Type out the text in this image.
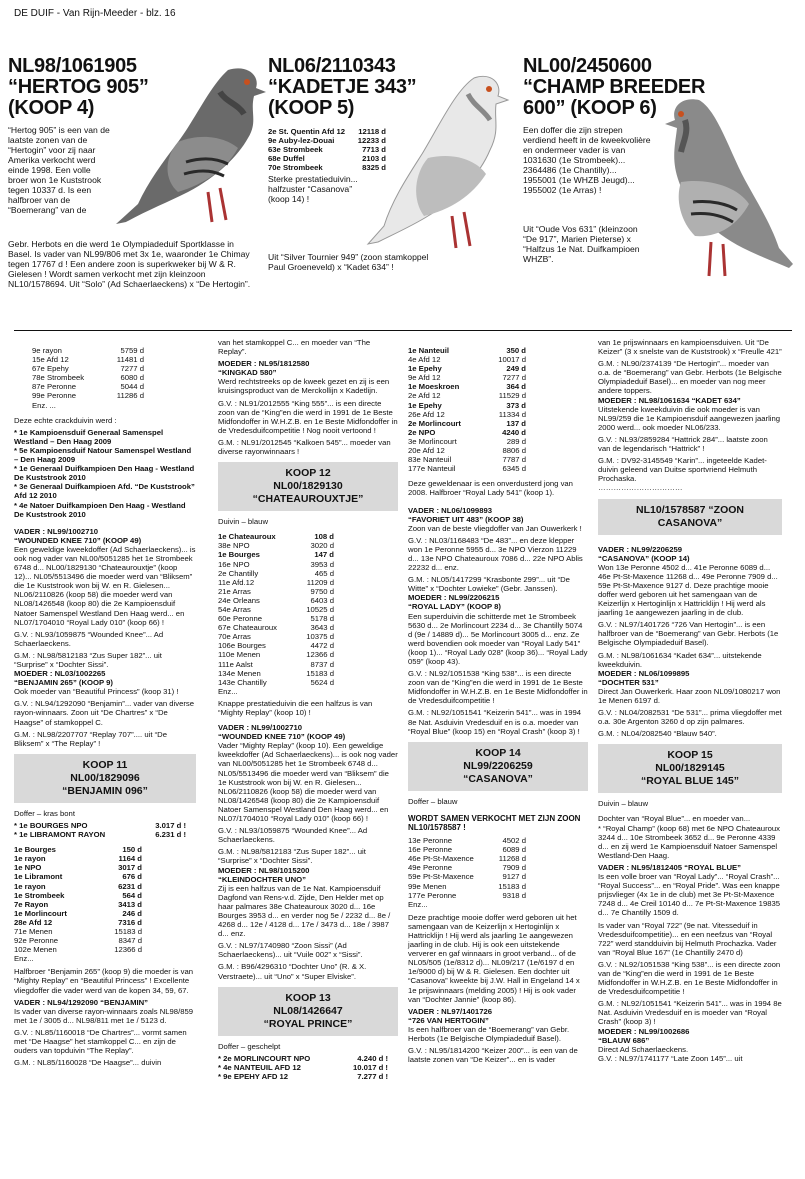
DE DUIF - Van Rijn-Meeder - blz. 16
NL98/1061905
“HERTOG 905”
(KOOP 4)
“Hertog 905” is een van de laatste zonen van de “Hertogin” voor zij naar Amerika verkocht werd einde 1998. Een volle broer won 1e Kuststrook tegen 10337 d. Is een halfbroer van de “Boemerang” van de
Gebr. Herbots en die werd 1e Olympiadeduif Sportklasse in Basel. Is vader van NL99/806 met 3x 1e, waaronder 1e Chimay tegen 17767 d ! Een andere zoon is superkweker bij W & R. Gielesen ! Wordt samen verkocht met zijn kleinzoon NL10/1578694. Uit “Solo” (Ad Schaerlaeckens) x “De Hertogin”.
NL06/2110343
“KADETJE 343”
(KOOP 5)
2e St. Quentin Afd 12	12118 d
9e Auby-lez-Douai	12233 d
63e Strombeek	7713 d
68e Duffel	2103 d
70e Strombeek	8325 d
Sterke prestatieduivin... halfzuster “Casanova” (koop 14) !
Uit “Silver Tournier 949” (zoon stamkoppel Paul Groeneveld) x “Kadet 634” !
NL00/2450600
“CHAMP BREEDER
600” (KOOP 6)
Een doffer die zijn strepen verdiend heeft in de kweekvolière en ondermeer vader is van 1031630 (1e Strombeek)... 2364486 (1e Chantilly)... 1955001 (1e WHZB Jeugd)... 1955002 (1e Arras) !
Uit “Oude Vos 631” (kleinzoon “De 917”, Marien Pieterse) x “Halfzus 1e Nat. Duifkampioen WHZB”.
9e rayon	5759 d
15e Afd 12	11481 d
67e Epehy	7277 d
78e Strombeek	6080 d
87e Peronne	5044 d
99e Peronne	11286 d
Enz. ...	

Deze echte crackduivin werd :

* 1e Kampioensduif Generaal Samenspel Westland – Den Haag 2009
* 5e Kampioensduif Natour Samenspel Westland – Den Haag 2009
* 1e Generaal Duifkampioen Den Haag - Westland De Kuststrook 2010
* 3e Generaal Duifkampioen Afd. “De Kuststrook” Afd 12 2010
* 4e Natoer Duifkampioen Den Haag - Westland De Kuststrook 2010
VADER : NL99/1002710
“WOUNDED KNEE 710” (KOOP 49)

Een geweldige kweekdoffer (Ad Schaerlaeckens)... is ook nog vader van NL00/5051285 het 1e Strombeek 6748 d... NL00/1829130 “Chateaurouxtje” (koop 12)... NL05/5513496 die moeder werd van “Bliksem” die 1e Kuststrook won bij W. en R. Gielesen... NL06/2110826 (koop 58) die moeder werd van NL08/1426548 (koop 80) die 2e Kampioensduif Natoer Samenspel Westland Den Haag werd... en NL07/1704010 “Royal Lady 010” (koop 66) !

G.V. : NL93/1059875 “Wounded Knee”... Ad Schaerlaeckens.

G.M. : NL98/5812183 “Zus Super 182”... uit “Surprise” x “Dochter Sissi”.

MOEDER : NL03/1002265
“BENJAMIN 265” (KOOP 9)

Ook moeder van “Beautiful Princess” (koop 31) !

G.V. : NL94/1292090 “Benjamin”... vader van diverse rayon-winnaars. Zoon uit “De Chartres” x “De Haagse” of stamkoppel C.

G.M. : NL98/2207707 “Replay 707”.... uit “De Bliksem” x “The Replay” !

KOOP 11
NL00/1829096
“BENJAMIN 096”

Doffer – kras bont

* 1e BOURGES NPO	3.017 d !
* 1e LIBRAMONT RAYON	6.231 d !
1e Bourges	150 d
1e rayon	1164 d
1e NPO	3017 d
1e Libramont	676 d
1e rayon	6231 d
1e Strombeek	564 d
7e Rayon	3413 d
1e Morlincourt	246 d
28e Afd 12	7316 d
71e Menen	15183 d
92e Peronne	8347 d
102e Menen	12366 d
Enz...	

Halfbroer “Benjamin 265” (koop 9) die moeder is van “Mighty Replay” en “Beautiful Princess” ! Excellente vliegdoffer die vader werd van de kopen 34, 59, 67.

VADER : NL94/1292090 “BENJAMIN”

Is vader van diverse rayon-winnaars zoals NL98/859 met 1e / 3005 d... NL98/811 met 1e / 5123 d.

G.V. : NL85/1160018 “De Chartres”... vormt samen met “De Haagse” het stamkoppel C... en zijn de ouders van topduivin “The Replay”.

G.M. : NL85/1160028 “De Haagse”... duivin

van het stamkoppel C... en moeder van “The Replay”.

MOEDER : NL95/1812580
“KINGKAD 580”

Werd rechtstreeks op de kweek gezet en zij is een kruisingsproduct van de Merckollijn x Kadetlijn.

G.V. : NL91/2012555 “King 555”... is een directe zoon van de “King”en die werd in 1991 de 1e Beste Midfondoffer in W.H.Z.B. en 1e Beste Midfondoffer in de Vredesduifcompetitie ! Nog nooit vertoond !

G.M. : NL91/2012545 “Kalkoen 545”... moeder van diverse rayonwinnaars !

KOOP 12
NL00/1829130
“CHATEAUROUXTJE”

Duivin – blauw

1e Chateauroux	108 d
38e NPO	3020 d
1e Bourges	147 d
16e NPO	3953 d
2e Chantilly	465 d
11e Afd.12	11209 d
21e Arras	9750 d
24e Orleans	6403 d
54e Arras	10525 d
60e Peronne	5178 d
67e Chateauroux	3643 d
70e Arras	10375 d
106e Bourges	4472 d
110e Menen	12366 d
111e Aalst	8737 d
134e Menen	15183 d
143e Chantilly	5624 d
Enz...	

Knappe prestatieduivin die een halfzus is van “Mighty Replay” (koop 10) !

VADER : NL99/1002710
“WOUNDED KNEE 710” (KOOP 49)

Vader “Mighty Replay” (koop 10). Een geweldige kweekdoffer (Ad Schaerlaeckens)... is ook nog vader van NL00/5051285 het 1e Strombeek 6748 d... NL05/5513496 die moeder werd van “Bliksem” die 1e Kuststrook won bij W. en R. Gielesen... NL06/2110826 (koop 58) die moeder werd van NL08/1426548 (koop 80) die 2e Kampioensduif Natoer Samenspel Westland Den Haag werd... en NL07/1704010 “Royal Lady 010” (koop 66) !

G.V. : NL93/1059875 “Wounded Knee”... Ad Schaerlaeckens.

G.M. : NL98/5812183 “Zus Super 182”... uit “Surprise” x “Dochter Sissi”.

MOEDER : NL98/1015200
“KLEINDOCHTER UNO”

Zij is een halfzus van de 1e Nat. Kampioensduif Dagfond van Rens-v.d. Zijde, Den Helder met op haar palmares 38e Chateauroux 3020 d... 16e Bourges 3953 d... en verder nog 5e / 2232 d... 8e / 4268 d... 12e / 4128 d... 17e / 3473 d... 18e / 3987 d... enz.

G.V. : NL97/1740980 “Zoon Sissi” (Ad Schaerlaeckens)... uit “Vuile 002” x “Sissi”.

G.M. : B96/4296310 “Dochter Uno” (R. & X. Verstraete)... uit “Uno” x “Super Elviske”.

KOOP 13
NL08/1426647
“ROYAL PRINCE”

Doffer – geschelpt

* 2e MORLINCOURT NPO	4.240 d !
* 4e NANTEUIL AFD 12	10.017 d !
* 9e EPEHY AFD 12	7.277 d !
1e Nanteuil	350 d
4e Afd 12	10017 d
1e Epehy	249 d
9e Afd 12	7277 d
1e Moeskroen	364 d
2e Afd 12	11529 d
1e Epehy	373 d
26e Afd 12	11334 d
2e Morlincourt	137 d
2e NPO	4240 d
3e Morlincourt	289 d
20e Afd 12	8806 d
83e Nanteuil	7787 d
177e Nanteuil	6345 d

Deze geweldenaar is een onverdusterd jong van 2008. Halfbroer “Royal Lady 541” (koop 1).

VADER : NL06/1099893
“FAVORIET UIT 483” (KOOP 38)

Zoon van de beste vliegdoffer van Jan Ouwerkerk !

G.V. : NL03/1168483 “De 483”... en deze klepper won 1e Peronne 5955 d... 3e NPO Vierzon 11229 d... 13e NPO Chateauroux 7086 d... 22e NPO Ablis 22232 d... enz.

G.M. : NL05/1417299 “Krasbonte 299”... uit “De Witte” x “Dochter Lowieke” (Gebr. Janssen).

MOEDER : NL99/2206215
“ROYAL LADY” (KOOP 8)

Een superduivin die schitterde met 1e Strombeek 5630 d... 2e Morlincourt 2234 d... 3e Chantilly 5074 d (9e / 14889 d)... 5e Morlincourt 3005 d... enz. Ze werd bovendien ook moeder van “Royal Lady 541” (koop 1)... “Royal Lady 028” (koop 36)... “Royal Lady 059” (koop 43).

G.V. : NL92/1051538 “King 538”... is een directe zoon van de “King”en die werd in 1991 de 1e Beste Midfondoffer in W.H.Z.B. en 1e Beste Midfondoffer in de Vredesduifcompetitie !

G.M. : NL92/1051541 “Keizerin 541”... was in 1994 8e Nat. Asduivin Vredesduif en is o.a. moeder van “Royal Blue” (koop 15) en “Royal Crash” (koop 3) !

KOOP 14
NL99/2206259
“CASANOVA”

Doffer – blauw

WORDT SAMEN VERKOCHT MET ZIJN ZOON NL10/1578587 !
13e Peronne	4502 d
16e Peronne	6089 d
46e Pt-St-Maxence	11268 d
49e Peronne	7909 d
59e Pt-St-Maxence	9127 d
99e Menen	15183 d
177e Peronne	9318 d
Enz...	

Deze prachtige mooie doffer werd geboren uit het samengaan van de Keizerlijn x Hertoginlijn x Hattricklijn ! Hij werd als jaarling 1e aangewezen jaarling in de club. Hij is ook een uitstekende ververer en gaf winnaars in groot verband... of de NL05/505 (1e/8312 d)... NL09/217 (1e/6197 d en 1e/9000 d) bij W & R. Gielesen. Een dochter uit “Casanova” kweekte bij J.W. Hall in Engeland 14 x 1e prijswinnaars (melding 2005) ! Hij is ook vader van “Dochter Jannie” (koop 86).

VADER : NL97/1401726
“726 VAN HERTOGIN”

Is een halfbroer van de “Boemerang” van Gebr. Herbots (1e Belgische Olympiadeduif Basel).

G.V. : NL95/1814200 “Keizer 200”... is een van de laatste zonen van “De Keizer”... en is vader

van 1e prijswinnaars en kampioensduiven. Uit “De Keizer” (3 x snelste van de Kuststrook) x “Freulle 421”

G.M. : NL90/2374139 “De Hertogin”... moeder van o.a. de “Boemerang” van Gebr. Herbots (1e Belgische Olympiadeduif Basel)... en moeder van nog meer andere toppers.

MOEDER : NL98/1061634 “KADET 634”

Uitstekende kweekduivin die ook moeder is van NL99/259 die 1e Kampioensduif aangewezen jaarling 2000 werd... ook moeder NL06/233.

G.V. : NL93/2859284 “Hattrick 284”... laatste zoon van de legendarisch “Hattrick” !

G.M. : DV92-3145549 “Karin”... ingeteelde Kadet-duivin geleend van Duitse sportvriend Helmuth Prochaska.

……………………………

NL10/1578587 “ZOON
CASANOVA”
VADER : NL99/2206259
“CASANOVA” (KOOP 14)

Won 13e Peronne 4502 d... 41e Peronne 6089 d... 46e Pt-St-Maxence 11268 d... 49e Peronne 7909 d... 59e Pt-St-Maxence 9127 d. Deze prachtige mooie doffer werd geboren uit het samengaan van de Keizerlijn x Hertoginlijn x Hattricklijn ! Hij werd als jaarling 1e aangewezen jaarling in de club.

G.V. : NL97/1401726 “726 Van Hertogin”... is een halfbroer van de “Boemerang” van Gebr. Herbots (1e Belgische Olympiadeduif Basel).

G.M. : NL98/1061634 “Kadet 634”... uitstekende kweekduivin.

MOEDER : NL06/1099895
“DOCHTER 531”

Direct Jan Ouwerkerk. Haar zoon NL09/1080217 won 1e Menen 6197 d.

G.V. : NL04/2082531 “De 531”... prima vliegdoffer met o.a. 30e Argenton 3260 d op zijn palmares.

G.M. : NL04/2082540 “Blauw 540”.

KOOP 15
NL00/1829145
“ROYAL BLUE 145”

Duivin – blauw

Dochter van “Royal Blue”... en moeder van...

* “Royal Champ” (koop 68) met 6e NPO Chateauroux 3244 d... 10e Strombeek 3652 d... 9e Peronne 4339 d... en zij werd 1e Kampioensduif Natoer Samenspel Westland-Den Haag.

VADER : NL95/1812405 “ROYAL BLUE”

Is een volle broer van “Royal Lady”... “Royal Crash”... “Royal Success”... en “Royal Pride”. Was een knappe prijsvlieger (4x 1e in de club) met 3e Pt-St-Maxence 7248 d... 4e Creil 10140 d... 7e Pt-St-Maxence 19835 d... 7e Chantilly 1509 d.

Is vader van “Royal 722” (9e nat. Vitesseduif in Vredesduifcompetitie)... en een neefzus van “Royal 722” werd standduivin bij Helmuth Prochazka. Vader van “Royal Blue 167” (1e Chantilly 2470 d)

G.V. : NL92/1051538 “King 538”... is een directe zoon van de “King”en die werd in 1991 de 1e Beste Midfondoffer in W.H.Z.B. en 1e Beste Midfondoffer in de Vredesduifcompetitie !

G.M. : NL92/1051541 “Keizerin 541”... was in 1994 8e Nat. Asduivin Vredesduif en is moeder van “Royal Crash” (koop 3) !

MOEDER : NL99/1002686
“BLAUW 686”

Direct Ad Schaerlaeckens.

G.V. : NL97/1741177 “Late Zoon 145”... uit
